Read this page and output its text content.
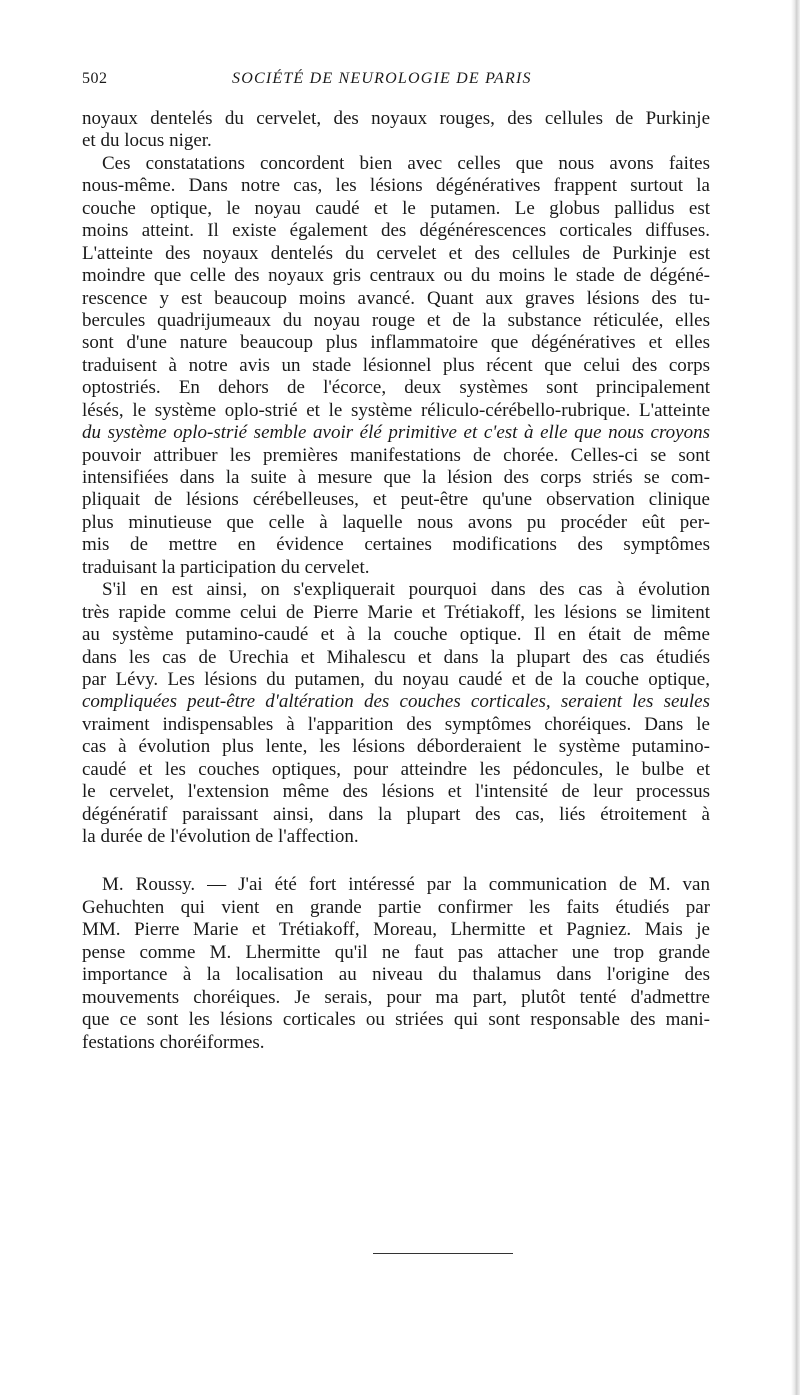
502	SOCIÉTÉ DE NEUROLOGIE DE PARIS
noyaux dentelés du cervelet, des noyaux rouges, des cellules de Purkinje
et du locus niger.
Ces constatations concordent bien avec celles que nous avons faites
nous-même. Dans notre cas, les lésions dégénératives frappent surtout la
couche optique, le noyau caudé et le putamen. Le globus pallidus est
moins atteint. Il existe également des dégénérescences corticales diffuses.
L'atteinte des noyaux dentelés du cervelet et des cellules de Purkinje est
moindre que celle des noyaux gris centraux ou du moins le stade de dégéné-
rescence y est beaucoup moins avancé. Quant aux graves lésions des tu-
bercules quadrijumeaux du noyau rouge et de la substance réticulée, elles
sont d'une nature beaucoup plus inflammatoire que dégénératives et elles
traduisent à notre avis un stade lésionnel plus récent que celui des corps
optostriés. En dehors de l'écorce, deux systèmes sont principalement
lésés, le système oplo-strié et le système réliculo-cérébello-rubrique. L'atteinte
du système oplo-strié semble avoir élé primitive et c'est à elle que nous croyons
pouvoir attribuer les premières manifestations de chorée. Celles-ci se sont
intensifiées dans la suite à mesure que la lésion des corps striés se com-
pliquait de lésions cérébelleuses, et peut-être qu'une observation clinique
plus minutieuse que celle à laquelle nous avons pu procéder eût per-
mis de mettre en évidence certaines modifications des symptômes
traduisant la participation du cervelet.
S'il en est ainsi, on s'expliquerait pourquoi dans des cas à évolution
très rapide comme celui de Pierre Marie et Trétiakoff, les lésions se limitent
au système putamino-caudé et à la couche optique. Il en était de même
dans les cas de Urechia et Mihalescu et dans la plupart des cas étudiés
par Lévy. Les lésions du putamen, du noyau caudé et de la couche optique,
compliquées peut-être d'altération des couches corticales, seraient les seules
vraiment indispensables à l'apparition des symptômes choréiques. Dans le
cas à évolution plus lente, les lésions déborderaient le système putamino-
caudé et les couches optiques, pour atteindre les pédoncules, le bulbe et
le cervelet, l'extension même des lésions et l'intensité de leur processus
dégénératif paraissant ainsi, dans la plupart des cas, liés étroitement à
la durée de l'évolution de l'affection.
M. Roussy. — J'ai été fort intéressé par la communication de M. van
Gehuchten qui vient en grande partie confirmer les faits étudiés par
MM. Pierre Marie et Trétiakoff, Moreau, Lhermitte et Pagniez. Mais je
pense comme M. Lhermitte qu'il ne faut pas attacher une trop grande
importance à la localisation au niveau du thalamus dans l'origine des
mouvements choréiques. Je serais, pour ma part, plutôt tenté d'admettre
que ce sont les lésions corticales ou striées qui sont responsable des mani-
festations choréiformes.
